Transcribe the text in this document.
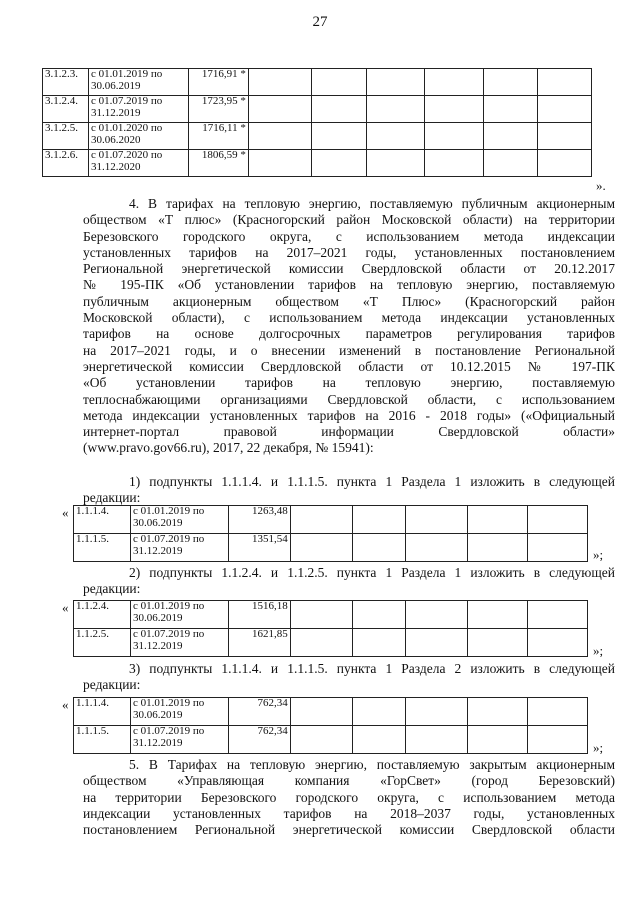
27
3.1.2.3.	с 01.01.2019 по
30.06.2019	1716,91 *						
3.1.2.4.	с 01.07.2019 по
31.12.2019	1723,95 *						
3.1.2.5.	с 01.01.2020 по
30.06.2020	1716,11 *						
3.1.2.6.	с 01.07.2020 по
31.12.2020	1806,59 *						
».
4. В тарифах на тепловую энергию, поставляемую публичным акционерным
обществом «Т плюс» (Красногорский район Московской области) на территории
Березовского городского округа, с использованием метода индексации
установленных тарифов на 2017–2021 годы, установленных постановлением
Региональной энергетической комиссии Свердловской области от 20.12.2017
№ 195-ПК «Об установлении тарифов на тепловую энергию, поставляемую
публичным акционерным обществом «Т Плюс» (Красногорский район
Московской области), с использованием метода индексации установленных
тарифов на основе долгосрочных параметров регулирования тарифов
на 2017–2021 годы, и о внесении изменений в постановление Региональной
энергетической комиссии Свердловской области от 10.12.2015 № 197-ПК
«Об установлении тарифов на тепловую энергию, поставляемую
теплоснабжающими организациями Свердловской области, с использованием
метода индексации установленных тарифов на 2016 - 2018 годы» («Официальный
интернет-портал правовой информации Свердловской области»
(www.pravo.gov66.ru), 2017, 22 декабря, № 15941):
1) подпункты 1.1.1.4. и 1.1.1.5. пункта 1 Раздела 1 изложить в следующей
редакции:
« 1.1.1.4.	с 01.01.2019 по
30.06.2019	1263,48					
1.1.1.5.	с 01.07.2019 по
31.12.2019	1351,54					
»;
2) подпункты 1.1.2.4. и 1.1.2.5. пункта 1 Раздела 1 изложить в следующей
редакции:
« 1.1.2.4.	с 01.01.2019 по
30.06.2019	1516,18					
1.1.2.5.	с 01.07.2019 по
31.12.2019	1621,85					
»;
3) подпункты 1.1.1.4. и 1.1.1.5. пункта 1 Раздела 2 изложить в следующей
редакции:
« 1.1.1.4.	с 01.01.2019 по
30.06.2019	762,34					
1.1.1.5.	с 01.07.2019 по
31.12.2019	762,34					
»;
5. В Тарифах на тепловую энергию, поставляемую закрытым акционерным
обществом «Управляющая компания «ГорСвет» (город Березовский)
на территории Березовского городского округа, с использованием метода
индексации установленных тарифов на 2018–2037 годы, установленных
постановлением Региональной энергетической комиссии Свердловской области
